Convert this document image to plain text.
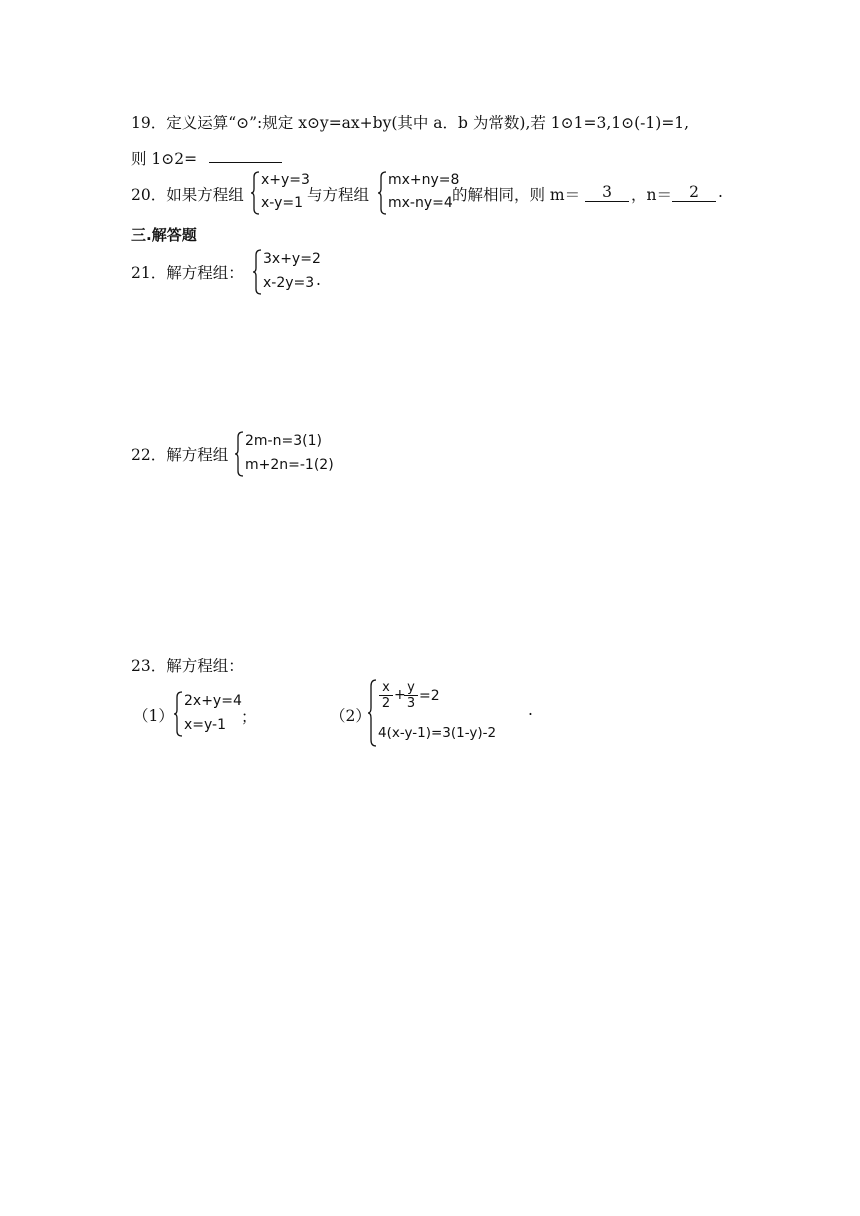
19．定义运算“⊙”:规定 x⊙y=ax+by(其中 a．b 为常数),若 1⊙1=3,1⊙(-1)=1,
则 1⊙2=
20．如果方程组
x+y=3
x-y=1 与方程组
mx+ny=8
mx-ny=4 的解相同，则 m＝	3	，n＝	2	.
三.解答题
21．解方程组：
3x+y=2
x-2y=3 .
22．解方程组
2m-n=3(1)
m+2n=-1(2)
23．解方程组：
（1）
2x+y=4
x=y-1 ；	（2）
x
2
+ y
3 =2
4(x-y-1)=3(1-y)-2
.
